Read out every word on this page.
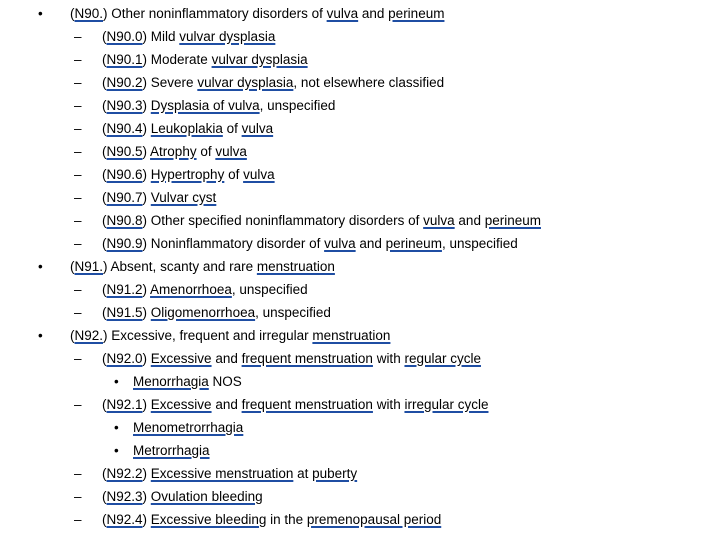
•	(N90.) Other noninflammatory disorders of vulva and perineum
–	(N90.0) Mild vulvar dysplasia
–	(N90.1) Moderate vulvar dysplasia
–	(N90.2) Severe vulvar dysplasia, not elsewhere classified
–	(N90.3) Dysplasia of vulva, unspecified
–	(N90.4) Leukoplakia of vulva
–	(N90.5) Atrophy of vulva
–	(N90.6) Hypertrophy of vulva
–	(N90.7) Vulvar cyst
–	(N90.8) Other specified noninflammatory disorders of vulva and perineum
–	(N90.9) Noninflammatory disorder of vulva and perineum, unspecified
•	(N91.) Absent, scanty and rare menstruation
–	(N91.2) Amenorrhoea, unspecified
–	(N91.5) Oligomenorrhoea, unspecified
•	(N92.) Excessive, frequent and irregular menstruation
–	(N92.0) Excessive and frequent menstruation with regular cycle
•	Menorrhagia NOS
–	(N92.1) Excessive and frequent menstruation with irregular cycle
•	Menometrorrhagia
•	Metrorrhagia
–	(N92.2) Excessive menstruation at puberty
–	(N92.3) Ovulation bleeding
–	(N92.4) Excessive bleeding in the premenopausal period
